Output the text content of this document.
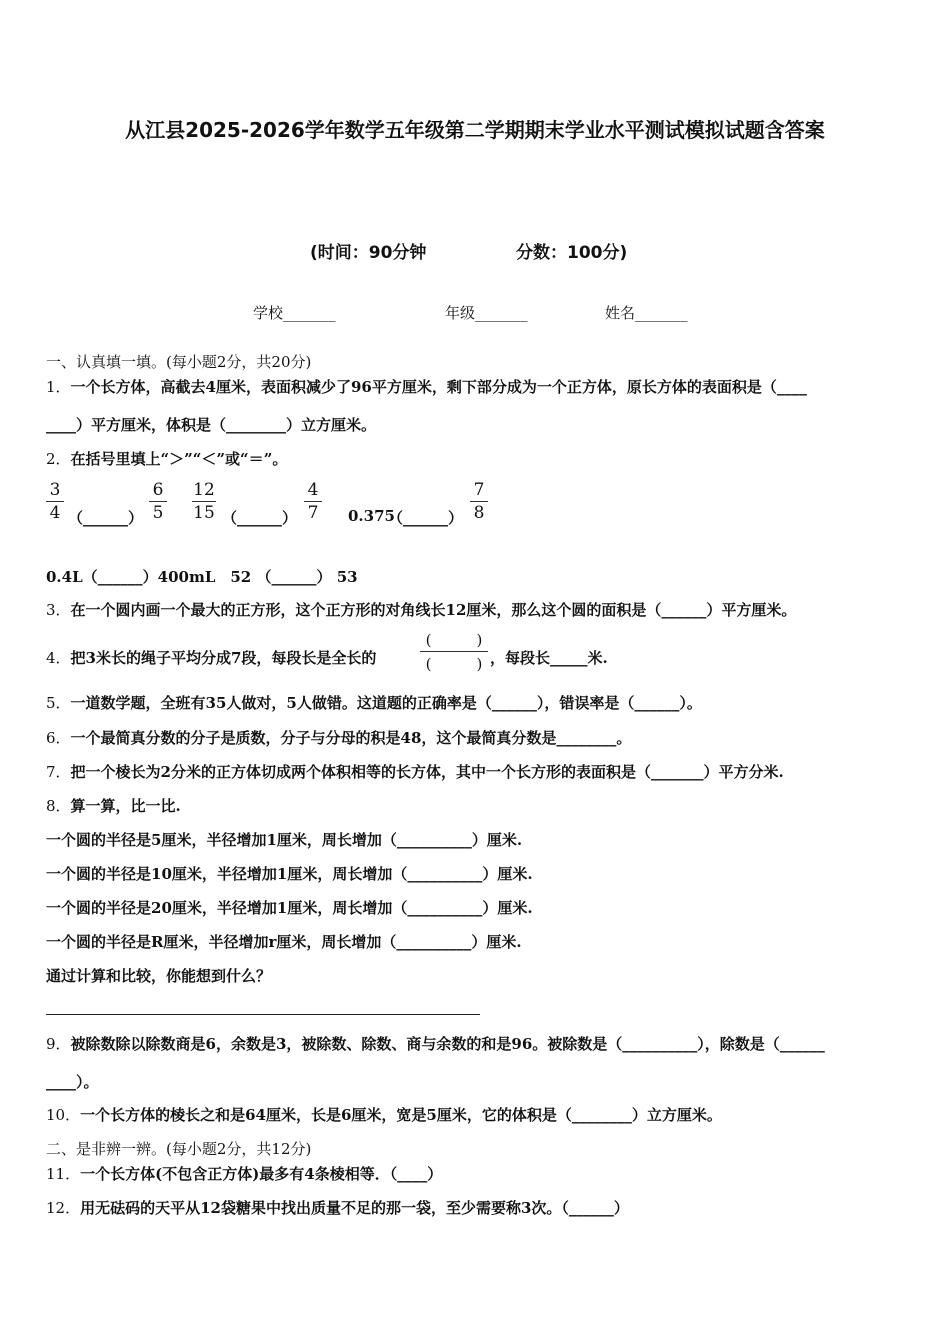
从江县2025-2026学年数学五年级第二学期期末学业水平测试模拟试题含答案
(时间：90分钟	分数：100分)
学校_______	年级_______	姓名_______
一、认真填一填。(每小题2分，共20分)
1．一个长方体，高截去4厘米，表面积减少了96平方厘米，剩下部分成为一个正方体，原长方体的表面积是（____
____）平方厘米，体积是（________）立方厘米。
2．在括号里填上“＞”“＜”或“＝”。
3
4 （______）
6
5
12
15 （______）
4
7	0.375
（______）
7
8
0.4L（______）400mL　52 （______） 53
3．在一个圆内画一个最大的正方形，这个正方形的对角线长12厘米，那么这个圆的面积是（______）平方厘米。
4．把3米长的绳子平均分成7段，每段长是全长的
(　　　)
(　　　) ，每段长_____米.
5．一道数学题，全班有35人做对，5人做错。这道题的正确率是（______），错误率是（______）。
6．一个最简真分数的分子是质数，分子与分母的积是48，这个最简真分数是________。
7．把一个棱长为2分米的正方体切成两个体积相等的长方体，其中一个长方形的表面积是（_______）平方分米.
8．算一算，比一比.
一个圆的半径是5厘米，半径增加1厘米，周长增加（__________）厘米.
一个圆的半径是10厘米，半径增加1厘米，周长增加（__________）厘米.
一个圆的半径是20厘米，半径增加1厘米，周长增加（__________）厘米.
一个圆的半径是R厘米，半径增加r厘米，周长增加（__________）厘米.
通过计算和比较，你能想到什么？
9．被除数除以除数商是6，余数是3，被除数、除数、商与余数的和是96。被除数是（__________），除数是（______
____）。
10．一个长方体的棱长之和是64厘米，长是6厘米，宽是5厘米，它的体积是（________）立方厘米。
二、是非辨一辨。(每小题2分，共12分)
11．一个长方体(不包含正方体)最多有4条棱相等．（____）
12．用无砝码的天平从12袋糖果中找出质量不足的那一袋，至少需要称3次。（______）
